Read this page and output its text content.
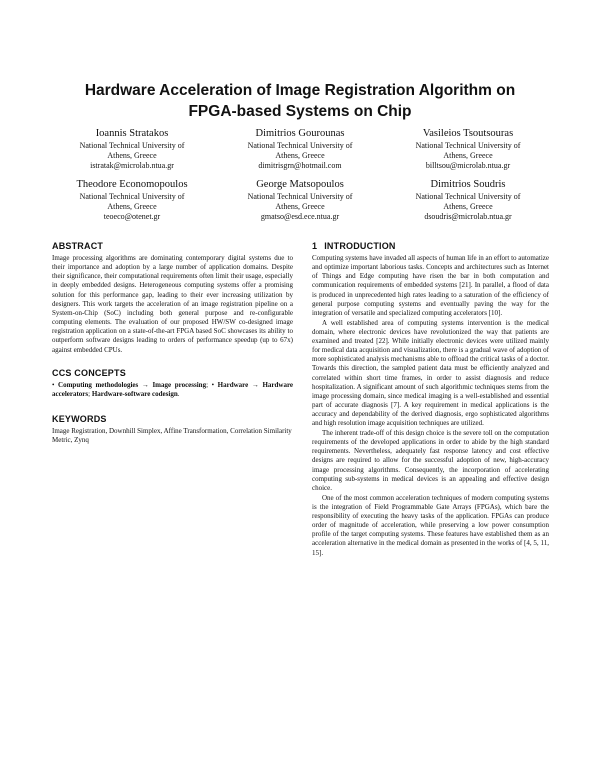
Hardware Acceleration of Image Registration Algorithm on
FPGA-based Systems on Chip
Ioannis Stratakos
National Technical University of
Athens, Greece
istratak@microlab.ntua.gr
Dimitrios Gourounas
National Technical University of
Athens, Greece
dimitrisgrn@hotmail.com
Vasileios Tsoutsouras
National Technical University of
Athens, Greece
billtsou@microlab.ntua.gr
Theodore Economopoulos
National Technical University of
Athens, Greece
teoeco@otenet.gr
George Matsopoulos
National Technical University of
Athens, Greece
gmatso@esd.ece.ntua.gr
Dimitrios Soudris
National Technical University of
Athens, Greece
dsoudris@microlab.ntua.gr
ABSTRACT

Image processing algorithms are dominating contemporary digital systems due to their importance and adoption by a large number of application domains. Despite their significance, their computational requirements often limit their usage, especially in deeply embedded designs. Heterogeneous computing systems offer a promising solution for this performance gap, leading to their ever increasing utilization by designers. This work targets the acceleration of an image registration pipeline on a System-on-Chip (SoC) including both general purpose and re-configurable computing elements. The evaluation of our proposed HW/SW co-designed image registration application on a state-of-the-art FPGA based SoC showcases its ability to outperform software designs leading to orders of performance speedup (up to 67x) against embedded CPUs.

CCS CONCEPTS

• Computing methodologies → Image processing; • Hardware → Hardware accelerators; Hardware-software codesign.

KEYWORDS

Image Registration, Downhill Simplex, Affine Transformation, Correlation Similarity Metric, Zynq

1 INTRODUCTION

Computing systems have invaded all aspects of human life in an effort to automatize and optimize important laborious tasks. Concepts and architectures such as Internet of Things and Edge computing have risen the bar in both computation and communication requirements of embedded systems [21]. In parallel, a flood of data is produced in unprecedented high rates leading to a saturation of the efficiency of general purpose computing systems and eventually paving the way for the integration of versatile and specialized computing accelerators [10].

A well established area of computing systems intervention is the medical domain, where electronic devices have revolutionized the way that patients are examined and treated [22]. While initially electronic devices were utilized mainly for medical data acquisition and visualization, there is a gradual wave of adoption of more sophisticated analysis mechanisms able to offload the critical tasks of a doctor. Towards this direction, the sampled patient data must be efficiently analyzed and correlated within short time frames, in order to assist diagnosis and reduce hospitalization. A significant amount of such algorithmic techniques stems from the image processing domain, since medical imaging is a well-established and essential part of accurate diagnosis [7]. A key requirement in medical applications is the accuracy and dependability of the derived diagnosis, ergo sophisticated algorithms and high resolution image acquisition techniques are utilized.

The inherent trade-off of this design choice is the severe toll on the computation requirements of the developed applications in order to abide by the high standard requirements. Nevertheless, adequately fast response latency and cost effective designs are required to allow for the successful adoption of new, high-accuracy image processing algorithms. Consequently, the incorporation of accelerating computing sub-systems in medical devices is an appealing and effective design choice.

One of the most common acceleration techniques of modern computing systems is the integration of Field Programmable Gate Arrays (FPGAs), which bare the responsibility of executing the heavy tasks of the application. FPGAs can produce order of magnitude of acceleration, while preserving a low power consumption profile of the target computing systems. These features have established them as an acceleration alternative in the medical domain as presented in the works of [4, 5, 11, 15].
